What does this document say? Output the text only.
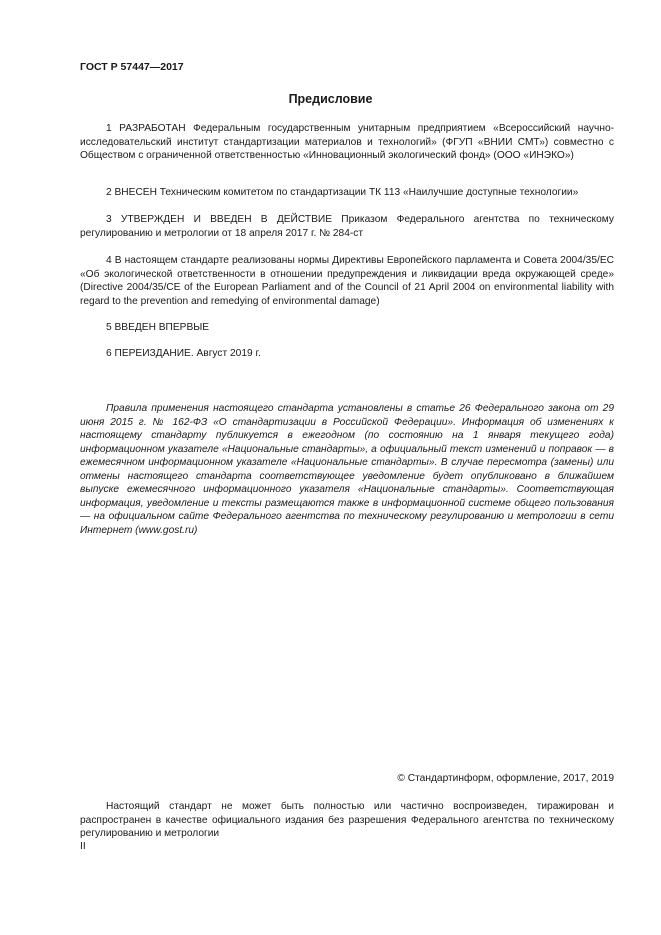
ГОСТ Р 57447—2017
Предисловие

1 РАЗРАБОТАН Федеральным государственным унитарным предприятием «Всероссийский научно-исследовательский институт стандартизации материалов и технологий» (ФГУП «ВНИИ СМТ») совместно с Обществом с ограниченной ответственностью «Инновационный экологический фонд» (ООО «ИНЭКО»)

2 ВНЕСЕН Техническим комитетом по стандартизации ТК 113 «Наилучшие доступные технологии»

3 УТВЕРЖДЕН И ВВЕДЕН В ДЕЙСТВИЕ Приказом Федерального агентства по техническому регулированию и метрологии от 18 апреля 2017 г. № 284-ст

4 В настоящем стандарте реализованы нормы Директивы Европейского парламента и Совета 2004/35/EC «Об экологической ответственности в отношении предупреждения и ликвидации вреда окружающей среде» (Directive 2004/35/CE of the European Parliament and of the Council of 21 April 2004 on environmental liability with regard to the prevention and remedying of environmental damage)

5 ВВЕДЕН ВПЕРВЫЕ

6 ПЕРЕИЗДАНИЕ. Август 2019 г.

Правила применения настоящего стандарта установлены в статье 26 Федерального закона от 29 июня 2015 г. № 162-ФЗ «О стандартизации в Российской Федерации». Информация об изменениях к настоящему стандарту публикуется в ежегодном (по состоянию на 1 января текущего года) информационном указателе «Национальные стандарты», а официальный текст изменений и поправок — в ежемесячном информационном указателе «Национальные стандарты». В случае пересмотра (замены) или отмены настоящего стандарта соответствующее уведомление будет опубликовано в ближайшем выпуске ежемесячного информационного указателя «Национальные стандарты». Соответствующая информация, уведомление и тексты размещаются также в информационной системе общего пользования — на официальном сайте Федерального агентства по техническому регулированию и метрологии в сети Интернет (www.gost.ru)

© Стандартинформ, оформление, 2017, 2019

Настоящий стандарт не может быть полностью или частично воспроизведен, тиражирован и распространен в качестве официального издания без разрешения Федерального агентства по техническому регулированию и метрологии

II
